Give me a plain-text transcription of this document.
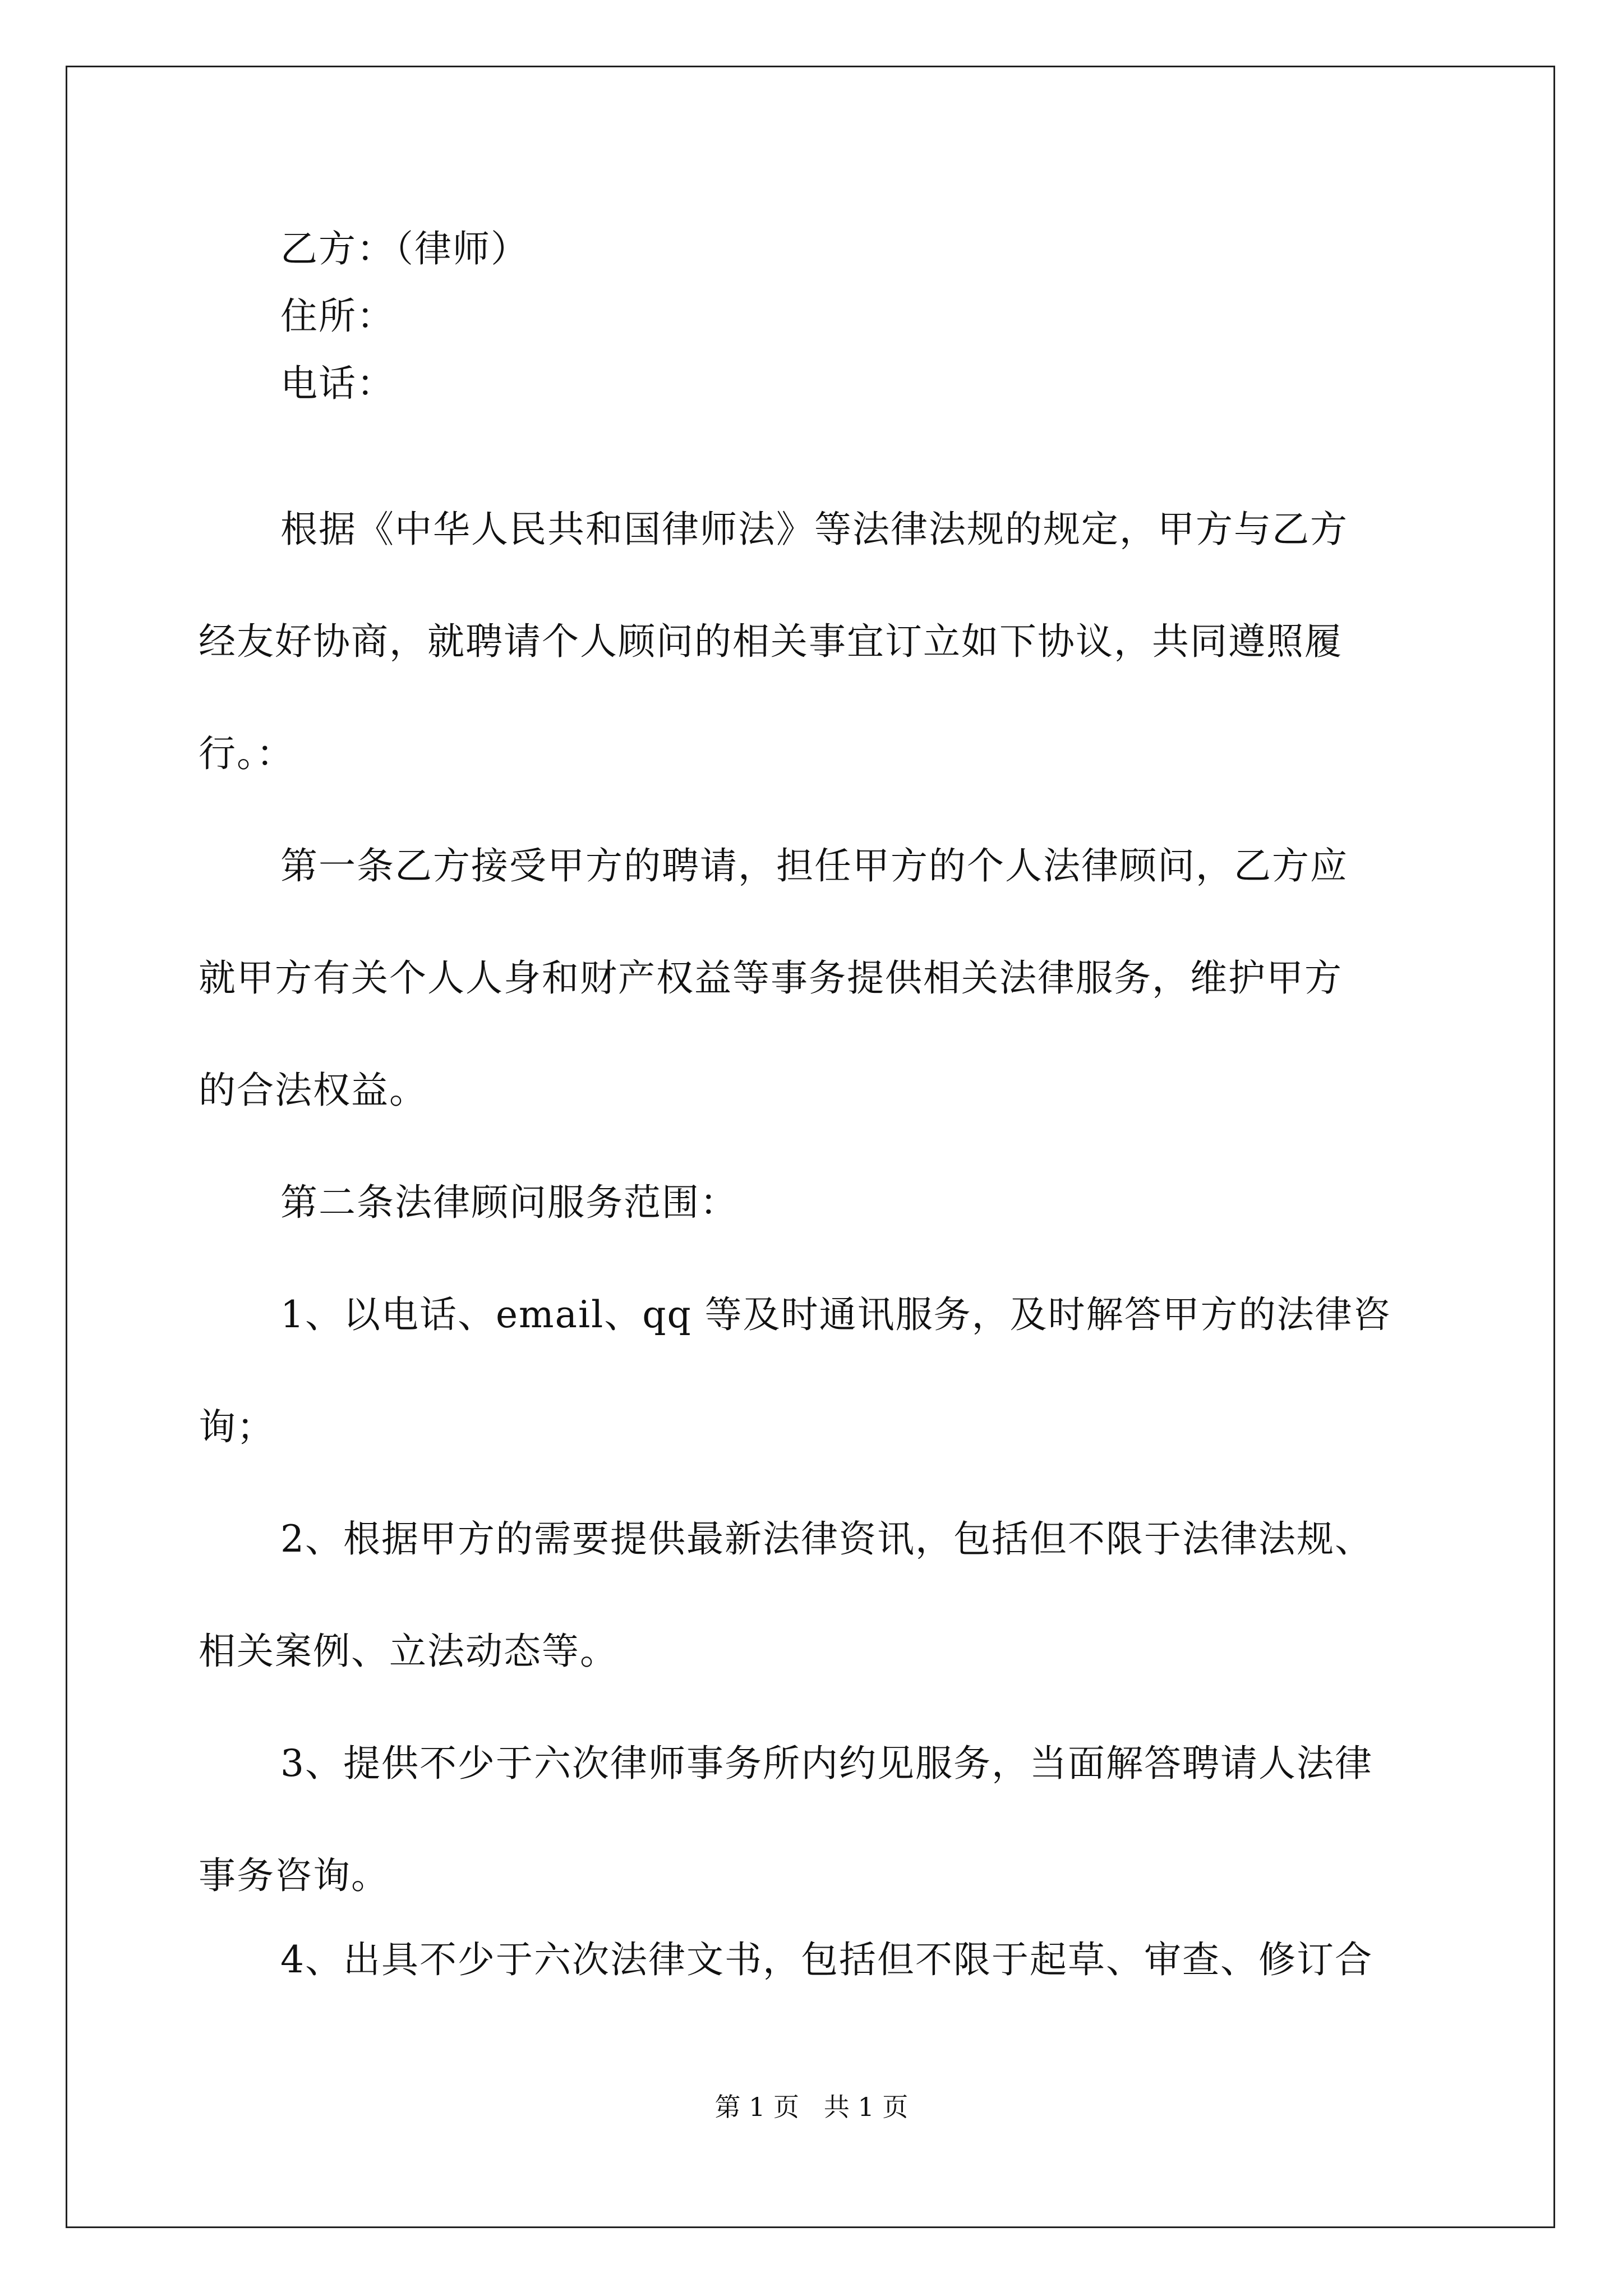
乙方：（律师）
住所：
电话：
根据《中华人民共和国律师法》等法律法规的规定，甲方与乙方
经友好协商，就聘请个人顾问的相关事宜订立如下协议，共同遵照履
行。：
第一条乙方接受甲方的聘请，担任甲方的个人法律顾问，乙方应
就甲方有关个人人身和财产权益等事务提供相关法律服务，维护甲方
的合法权益。
第二条法律顾问服务范围：
1、以电话、email、qq 等及时通讯服务，及时解答甲方的法律咨
询；
2、根据甲方的需要提供最新法律资讯，包括但不限于法律法规、
相关案例、立法动态等。
3、提供不少于六次律师事务所内约见服务，当面解答聘请人法律
事务咨询。
4、出具不少于六次法律文书，包括但不限于起草、审查、修订合
第 1 页   共 1 页
